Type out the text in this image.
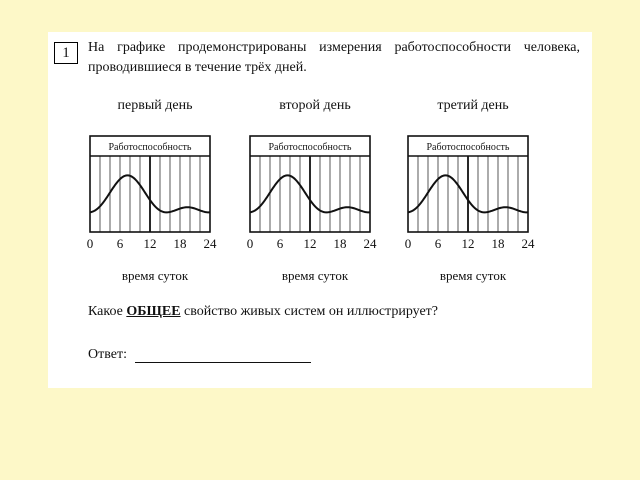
1	На графике продемонстрированы измерения работоспособности человека,
проводившиеся в течение трёх дней.
первый день
Работоспособность
0 6 12 18 24
время суток
второй день
Работоспособность
0 6 12 18 24
время суток
третий день
Работоспособность
0 6 12 18 24
время суток
Какое ОБЩЕЕ свойство живых систем он иллюстрирует?
Ответ:
